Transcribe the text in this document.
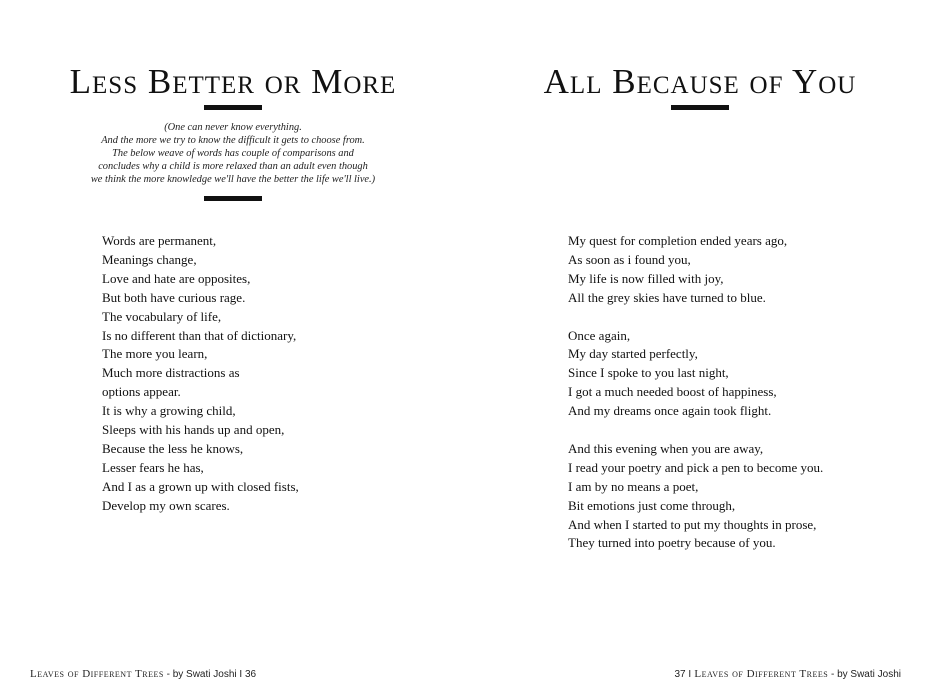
Less Better or More
(One can never know everything.
And the more we try to know the difficult it gets to choose from.
The below weave of words has couple of comparisons and
concludes why a child is more relaxed than an adult even though
we think the more knowledge we'll have the better the life we'll live.)
Words are permanent,
Meanings change,
Love and hate are opposites,
But both have curious rage.
The vocabulary of life,
Is no different than that of dictionary,
The more you learn,
Much more distractions as
options appear.
It is why a growing child,
Sleeps with his hands up and open,
Because the less he knows,
Lesser fears he has,
And I as a grown up with closed fists,
Develop my own scares.
Leaves of Different Trees - by Swati Joshi I 36
All Because of You
My quest for completion ended years ago,
As soon as i found you,
My life is now filled with joy,
All the grey skies have turned to blue.
Once again,
My day started perfectly,
Since I spoke to you last night,
I got a much needed boost of happiness,
And my dreams once again took flight.
And this evening when you are away,
I read your poetry and pick a pen to become you.
I am by no means a poet,
Bit emotions just come through,
And when I started to put my thoughts in prose,
They turned into poetry because of you.
37 I Leaves of Different Trees - by Swati Joshi
